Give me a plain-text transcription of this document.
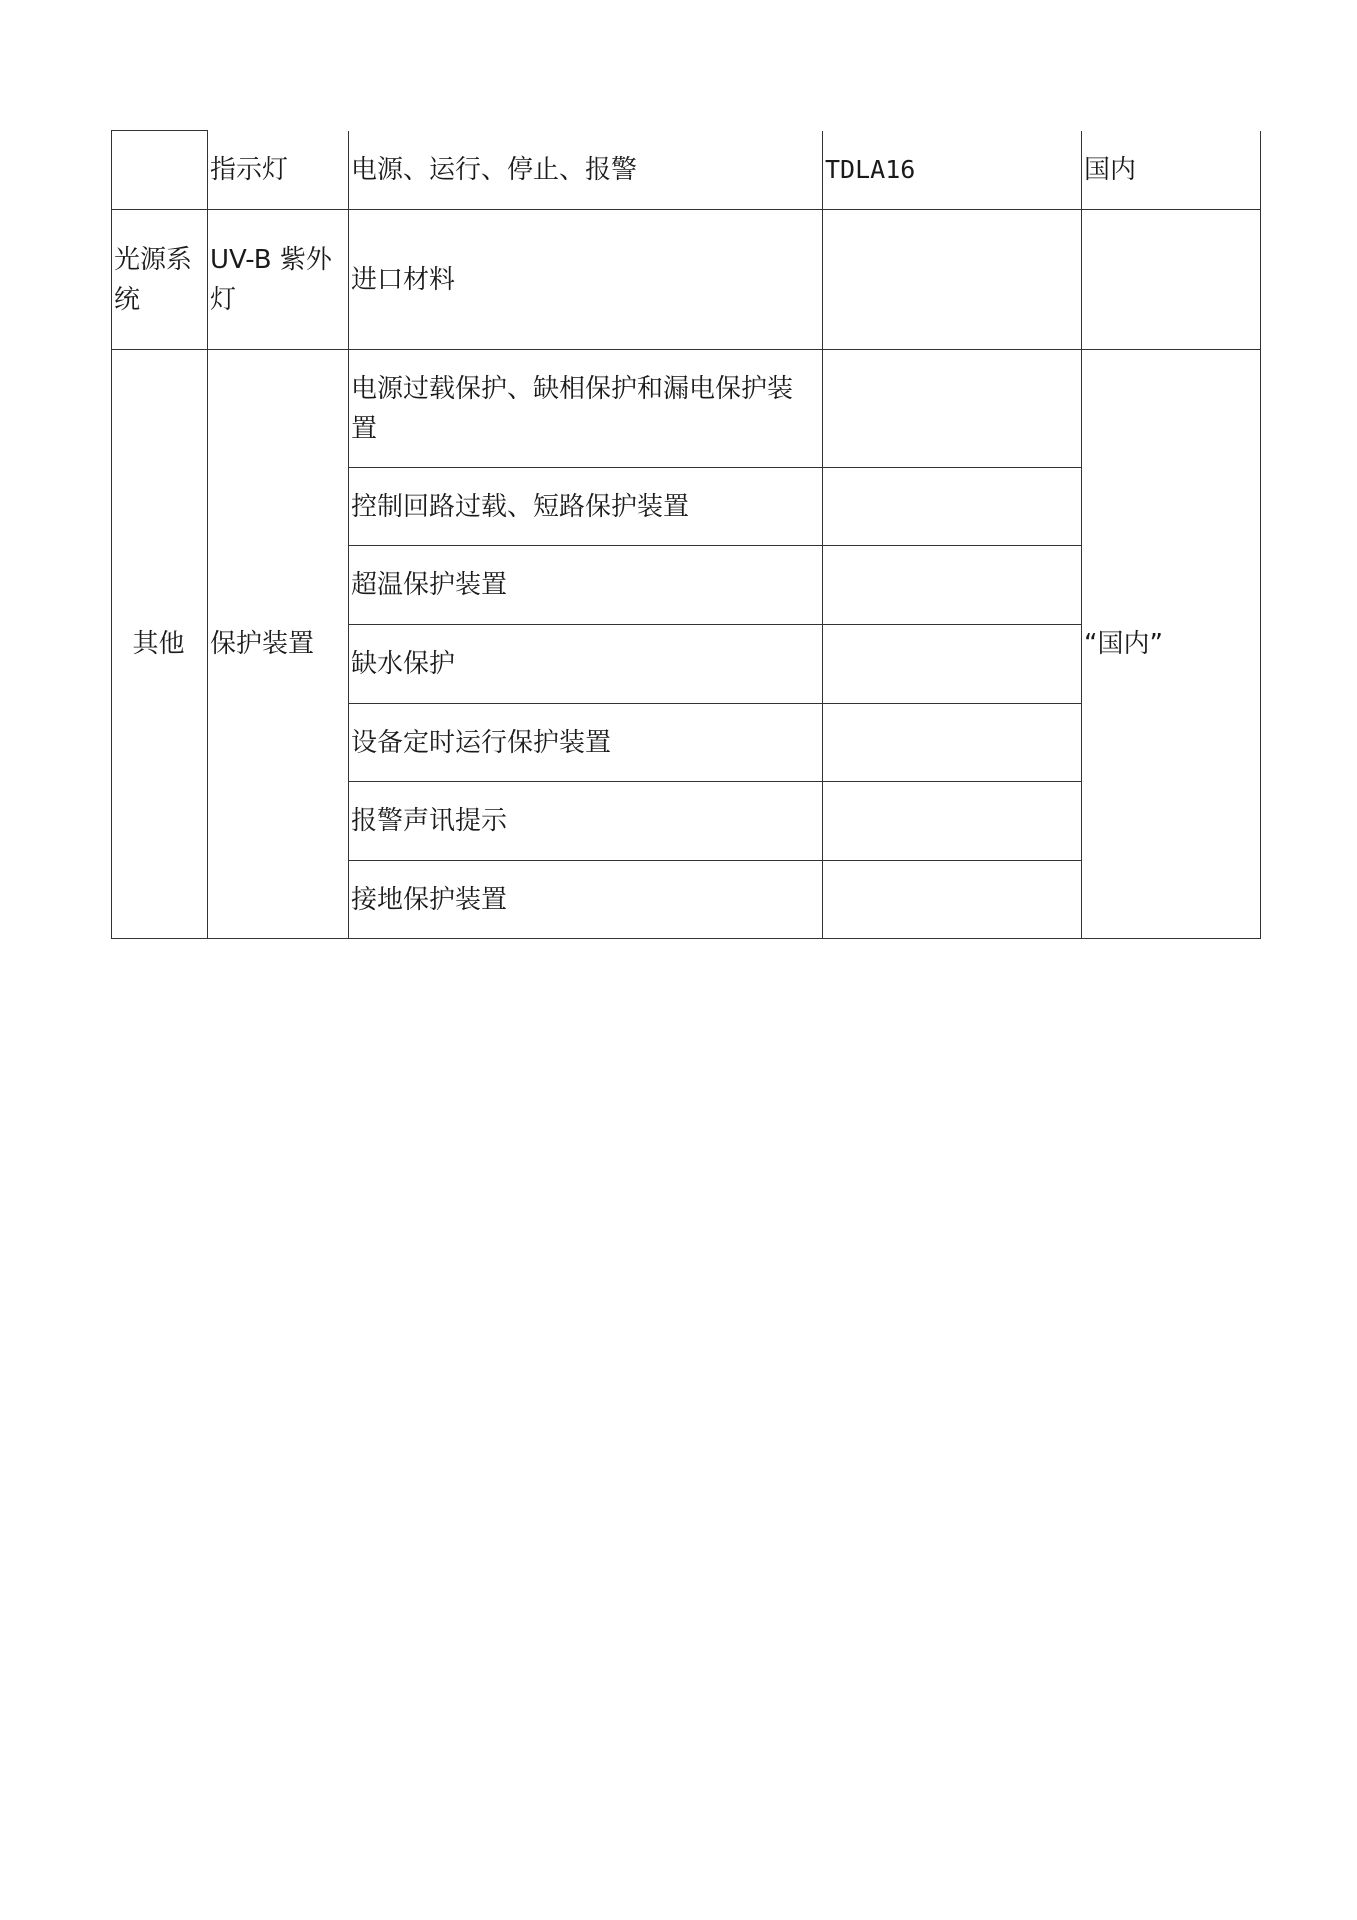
	指示灯	电源、运行、停止、报警	TDLA16	国内
光源系统	UV-B 紫外灯	进口材料		
其他	保护装置	电源过载保护、缺相保护和漏电保护装置		“国内”
		控制回路过载、短路保护装置		
		超温保护装置		
		缺水保护		
		设备定时运行保护装置		
		报警声讯提示		
		接地保护装置		
